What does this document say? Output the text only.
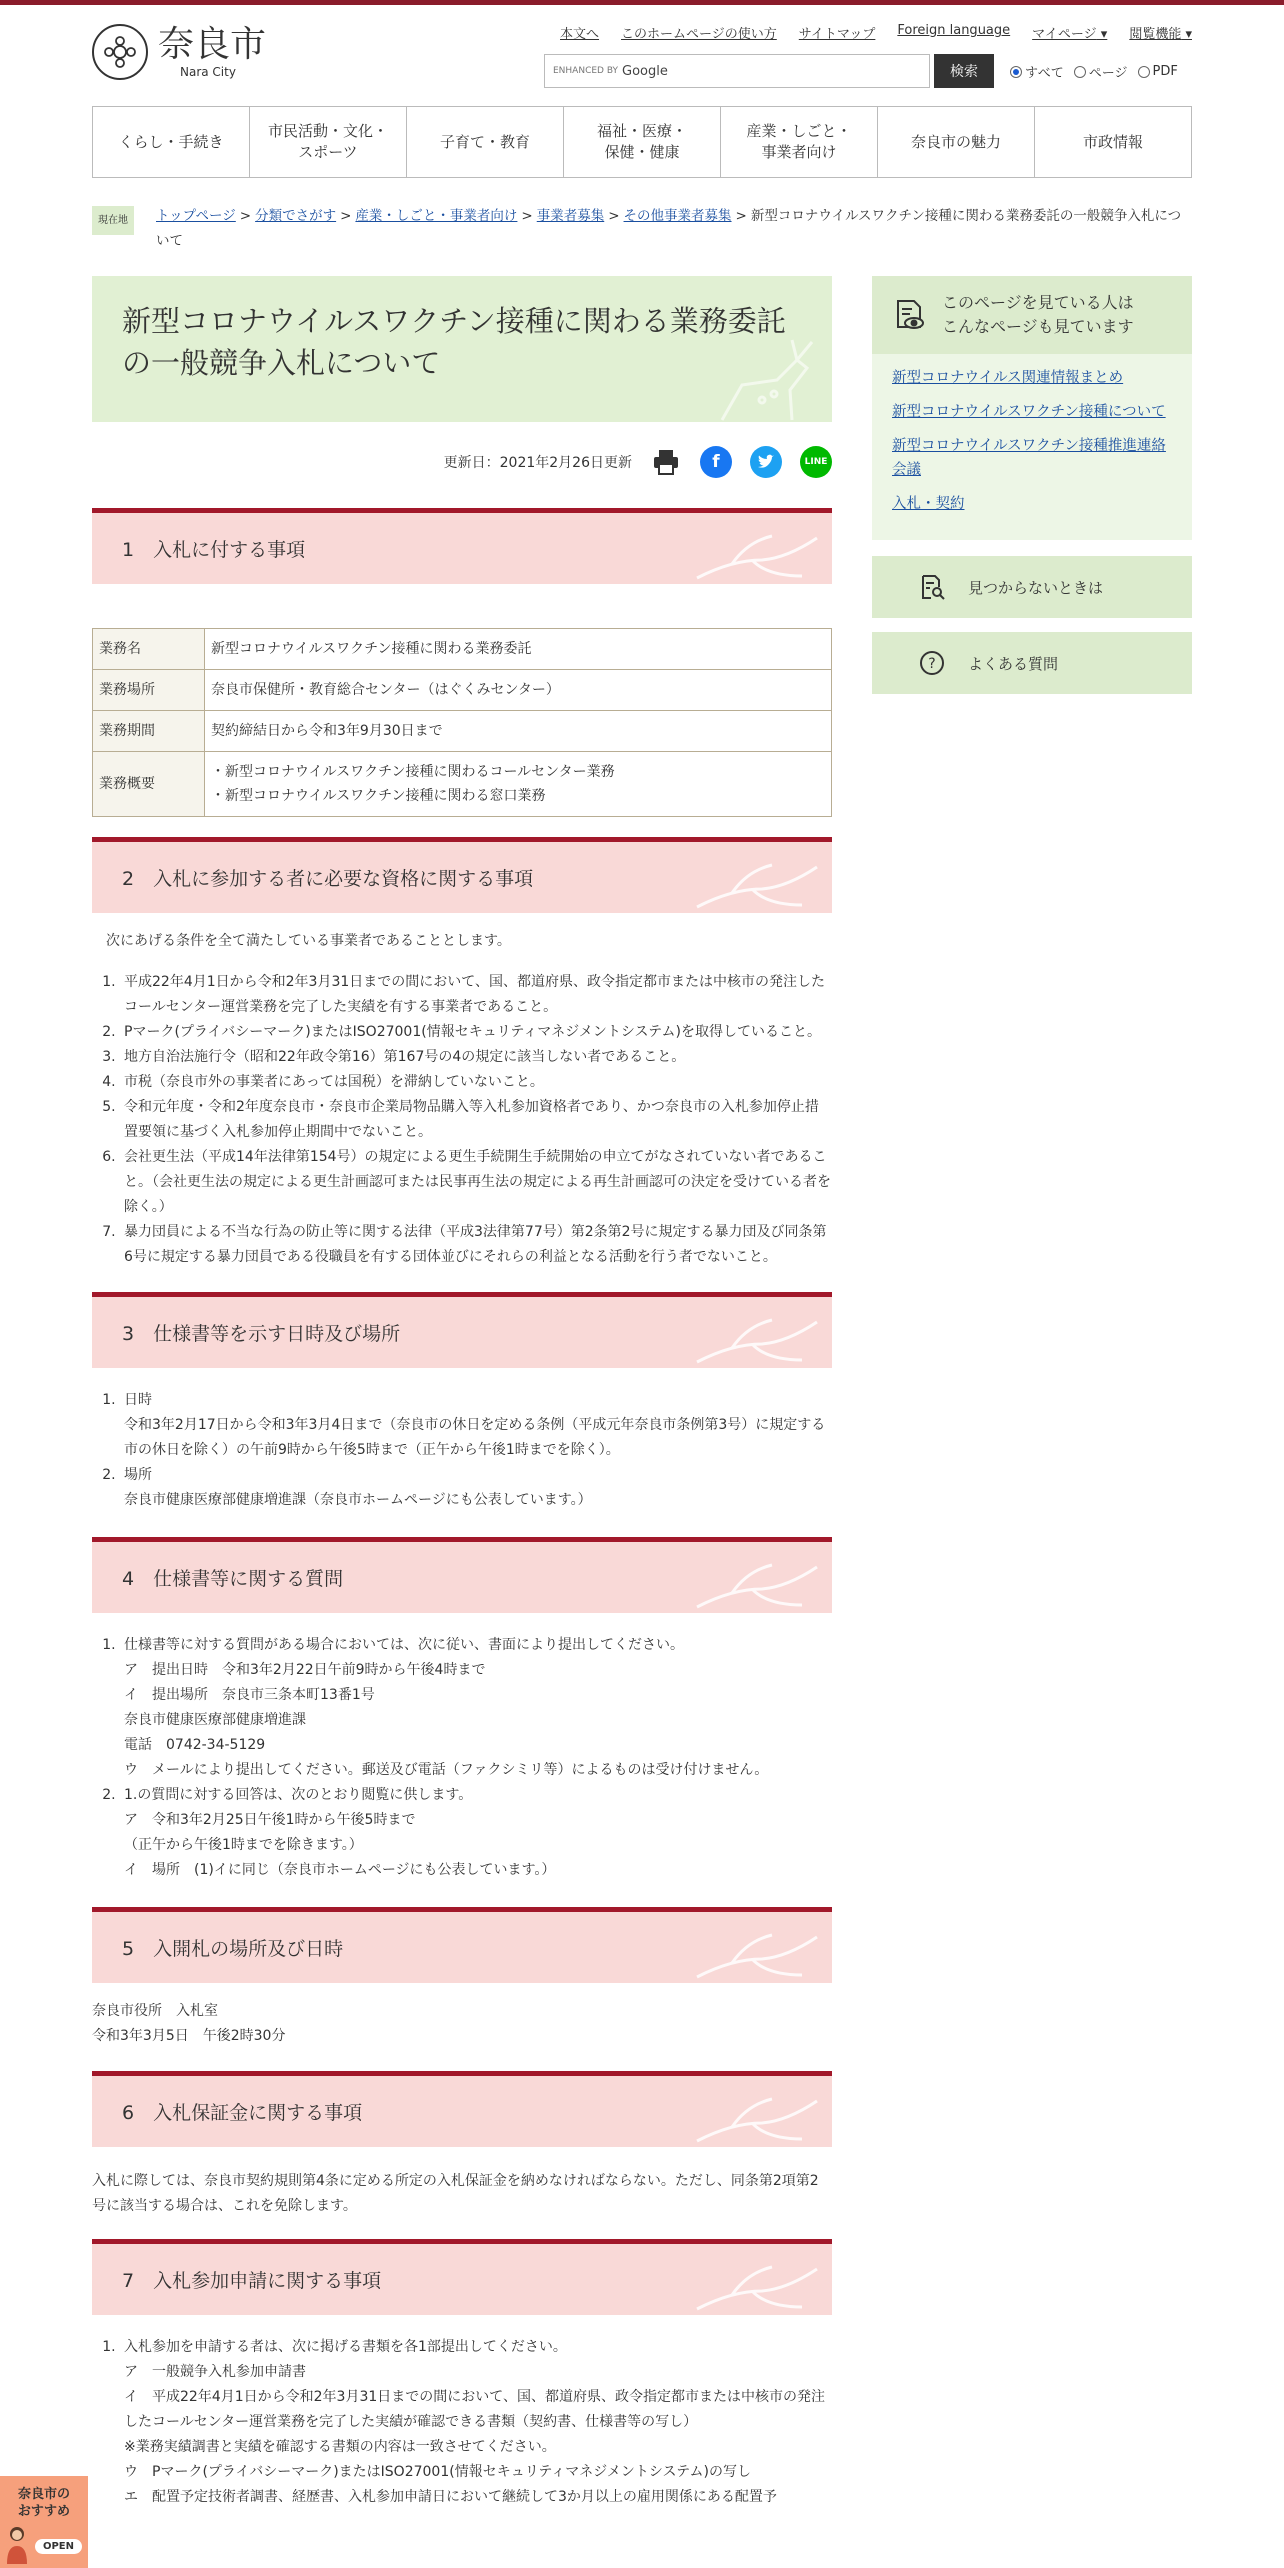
奈良市
Nara City
本文へ このホームページの使い方 サイトマップ Foreign language マイページ ▾	閲覧機能 ▾
ENHANCED BY Google	検索	すべて ページ PDF
くらし・手続き
市民活動・文化・
スポーツ
子育て・教育
福祉・医療・
保健・健康
産業・しごと・
事業者向け
奈良市の魅力	市政情報
現在地	トップページ > 分類でさがす > 産業・しごと・事業者向け > 事業者募集 > その他事業者募集 > 新型コロナウイルスワクチン接種に関わる業務委託の一般競争入札について
新型コロナウイルスワクチン接種に関わる業務委託の一般競争入札について
更新日：2021年2月26日更新	f	LINE
1　入札に付する事項
業務名	新型コロナウイルスワクチン接種に関わる業務委託
業務場所	奈良市保健所・教育総合センター（はぐくみセンター）
業務期間	契約締結日から令和3年9月30日まで
業務概要	・新型コロナウイルスワクチン接種に関わるコールセンター業務
・新型コロナウイルスワクチン接種に関わる窓口業務
2　入札に参加する者に必要な資格に関する事項

次にあげる条件を全て満たしている事業者であることとします。

1. 平成22年4月1日から令和2年3月31日までの間において、国、都道府県、政令指定都市または中核市の発注したコールセンター運営業務を完了した実績を有する事業者であること。
2. Pマーク(プライバシーマーク)またはISO27001(情報セキュリティマネジメントシステム)を取得していること。
3. 地方自治法施行令（昭和22年政令第16）第167号の4の規定に該当しない者であること。
4. 市税（奈良市外の事業者にあっては国税）を滞納していないこと。
5. 令和元年度・令和2年度奈良市・奈良市企業局物品購入等入札参加資格者であり、かつ奈良市の入札参加停止措置要領に基づく入札参加停止期間中でないこと。
6. 会社更生法（平成14年法律第154号）の規定による更生手続開生手続開始の申立てがなされていない者であること。（会社更生法の規定による更生計画認可または民事再生法の規定による再生計画認可の決定を受けている者を除く。）
7. 暴力団員による不当な行為の防止等に関する法律（平成3法律第77号）第2条第2号に規定する暴力団及び同条第6号に規定する暴力団員である役職員を有する団体並びにそれらの利益となる活動を行う者でないこと。
3　仕様書等を示す日時及び場所
1. 日時
令和3年2月17日から令和3年3月4日まで（奈良市の休日を定める条例（平成元年奈良市条例第3号）に規定する市の休日を除く）の午前9時から午後5時まで（正午から午後1時までを除く）。
2. 場所
奈良市健康医療部健康増進課（奈良市ホームページにも公表しています。）
4　仕様書等に関する質問
1. 仕様書等に対する質問がある場合においては、次に従い、書面により提出してください。
ア　提出日時　令和3年2月22日午前9時から午後4時まで
イ　提出場所　奈良市三条本町13番1号
奈良市健康医療部健康増進課
電話　0742-34-5129
ウ　メールにより提出してください。郵送及び電話（ファクシミリ等）によるものは受け付けません。
2. 1.の質問に対する回答は、次のとおり閲覧に供します。
ア　令和3年2月25日午後1時から午後5時まで
（正午から午後1時までを除きます。）
イ　場所　(1)イに同じ（奈良市ホームページにも公表しています。）
5　入開札の場所及び日時

奈良市役所　入札室

令和3年3月5日　午後2時30分

6　入札保証金に関する事項

入札に際しては、奈良市契約規則第4条に定める所定の入札保証金を納めなければならない。ただし、同条第2項第2号に該当する場合は、これを免除します。

7　入札参加申請に関する事項
1. 入札参加を申請する者は、次に掲げる書類を各1部提出してください。
ア　一般競争入札参加申請書
イ　平成22年4月1日から令和2年3月31日までの間において、国、都道府県、政令指定都市または中核市の発注したコールセンター運営業務を完了した実績が確認できる書類（契約書、仕様書等の写し）
※業務実績調書と実績を確認する書類の内容は一致させてください。
ウ　Pマーク(プライバシーマーク)またはISO27001(情報セキュリティマネジメントシステム)の写し
エ　配置予定技術者調書、経歴書、入札参加申請日において継続して3か月以上の雇用関係にある配置予
このページを見ている人は
こんなページも見ています
新型コロナウイルス関連情報まとめ
新型コロナウイルスワクチン接種について
新型コロナウイルスワクチン接種推進連絡会議
入札・契約
見つからないときは
? よくある質問
奈良市の
おすすめ
OPEN
